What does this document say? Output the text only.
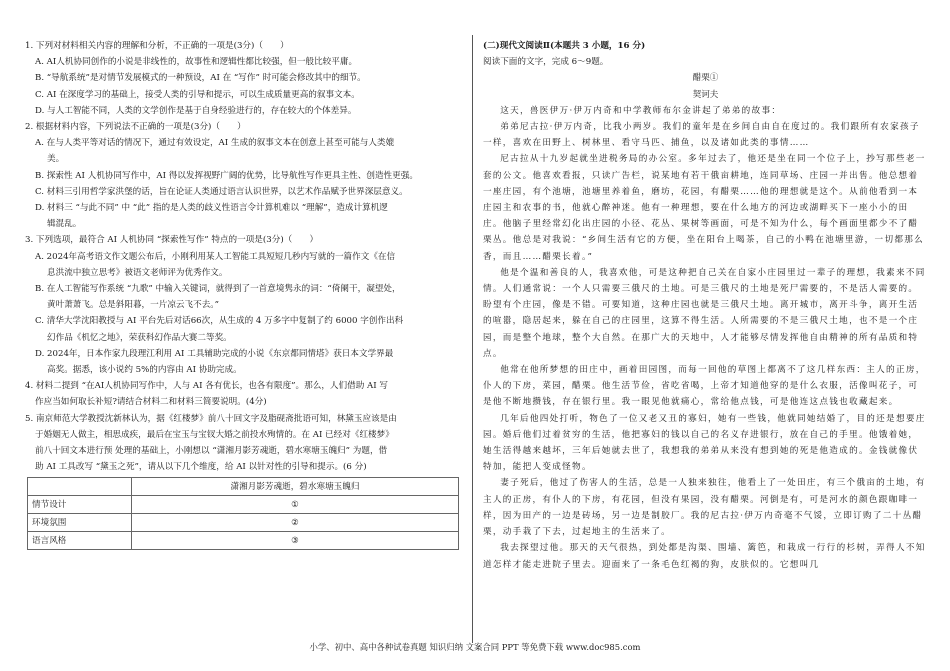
1. 下列对材料相关内容的理解和分析，不正确的一项是(3分)（　　）

A. AI人机协同创作的小说是非线性的，故事性和逻辑性都比较强，但一般比较平庸。

B. “导航系统”是对情节发展模式的一种预设，AI 在 “写作” 时可能会修改其中的细节。

C. AI 在深度学习的基础上，接受人类的引导和提示，可以生成质量更高的叙事文本。

D. 与人工智能不同，人类的文学创作是基于自身经验进行的，存在较大的个体差异。

2. 根据材料内容，下列说法不正确的一项是(3分)（　　）

A. 在与人类平等对话的情况下，通过有效设定，AI 生成的叙事文本在创意上甚至可能与人类媲

美。

B. 探索性 AI 人机协同写作中，AI 得以发挥视野广阔的优势，比导航性写作更具主性、创造性更强。

C. 材料三引用哲学家洪堡的话，旨在论证人类通过语言认识世界，以艺术作品赋予世界深层意义。

D. 材料三 “与此不同” 中 “此” 指的是人类的歧义性语言令计算机难以 “理解”，造成计算机逻

辑混乱。

3. 下列选项，最符合 AI 人机协同 “探索性写作” 特点的一项是(3分)（　　）

A. 2024年高考语文作文题公布后，小刚利用某人工智能工具短短几秒内写就的一篇作文《在信

息洪流中独立思考》被语文老师评为优秀作文。

B. 在人工智能写作系统 “九歌” 中输入关键词，就得到了一首意境隽永的词：“倚阑干，凝望处，

黄叶萧萧飞。总是斜阳暮，一片凉云飞不去。”

C. 清华大学沈阳教授与 AI 平台先后对话66次，从生成的 4 万多字中复制了约 6000 字创作出科

幻作品《机忆之地》，荣获科幻作品大赛二等奖。

D. 2024年，日本作家九段理江利用 AI 工具辅助完成的小说《东京都同情塔》获日本文学界最

高奖。据悉，该小说约 5%的内容由 AI 协助完成。

4. 材料二提到 “在AI人机协同写作中，人与 AI 各有优长，也各有限度”。那么，人们借助 AI 写

作应当如何取长补短?请结合材料二和材料三简要说明。(4分)

5. 南京师范大学教授沈新林认为，据《红楼梦》前八十回文字及脂砚斋批语可知，林黛玉应该是由

于婚姻无人做主，相思成疾，最后在宝玉与宝钗大婚之前投水殉情的。在 AI 已经对《红楼梦》

前八十回文本进行预 处理的基础上，小刚想以 “潇湘月影芳魂逝，碧水寒塘玉魄归” 为题，借

助 AI 工具改写 “黛玉之死”，请从以下几个维度，给 AI 以针对性的引导和提示。(6 分)

	潇湘月影芳魂逝，碧水寒塘玉魄归
情节设计	①
环境氛围	②
语言风格	③

(二)现代文阅读Ⅱ(本题共 3 小题，16 分)

阅读下面的文字，完成 6～9题。

醋栗①

契诃夫

这天，兽医伊万·伊万内奇和中学教师布尔金讲起了弟弟的故事：

弟弟尼古拉·伊万内奇，比我小两岁。我们的童年是在乡间自由自在度过的。我们跟所有农家孩子一样，喜欢在田野上、树林里、看守马匹、捕鱼，以及诸如此类的事情……

尼古拉从十九岁起就坐进税务局的办公室。多年过去了，他还是坐在同一个位子上，抄写那些老一套的公文。他喜欢看报，只读广告栏，说某地有若干俄亩耕地，连同草场、庄园一并出售。他总想着一座庄园，有个池塘，池塘里养着鱼，磨坊，花园，有醋栗……他的理想就是这个。从前他看到一本庄园主和农事的书，他就心醉神迷。他有一种理想，要在什么地方的河边或湖畔买下一座小小的田庄。他脑子里经常幻化出庄园的小径、花丛、果树等画面，可是不知为什么，每个画面里都少不了醋栗丛。他总是对我说：“乡间生活有它的方便，坐在阳台上喝茶，自己的小鸭在池塘里游，一切都那么香，而且……醋栗长着。”

他是个温和善良的人，我喜欢他，可是这种把自己关在自家小庄园里过一辈子的理想，我素来不同情。人们通常说：一个人只需要三俄尺的土地。可是三俄尺的土地是死尸需要的，不是活人需要的。盼望有个庄园，像是不错。可要知道，这种庄园也就是三俄尺土地。离开城市，离开斗争，离开生活的喧嚣，隐居起来，躲在自己的庄园里，这算不得生活。人所需要的不是三俄尺土地，也不是一个庄园，而是整个地球，整个大自然。在那广大的天地中，人才能够尽情发挥他自由精神的所有品质和特点。

他常在他所梦想的田庄中，画着田园图，而每一回他的草图上都离不了这几样东西：主人的正房，仆人的下房，菜园，醋栗。他生活节俭，省吃省喝，上帝才知道他穿的是什么衣服，活像叫花子，可是他不断地攒钱，存在银行里。我一眼见他就痛心，常给他点钱，可是他连这点钱也收藏起来。

几年后他四处打听，物色了一位又老又丑的寡妇，她有一些钱，他就同她结婚了，目的还是想要庄园。婚后他们过着贫穷的生活，他把寡妇的钱以自己的名义存进银行，放在自己的手里。他饿着她，她生活得越来越坏，三年后她就去世了，我想我的弟弟从来没有想到她的死是他造成的。金钱就像伏特加，能把人变成怪物。

妻子死后，他过了伤害人的生活，总是一人独来独往，他看上了一处田庄，有三个俄亩的土地，有主人的正房，有仆人的下房，有花园，但没有果园，没有醋栗。河倒是有，可是河水的颜色跟咖啡一样，因为田产的一边是砖场，另一边是制胶厂。我的尼古拉·伊万内奇毫不气馁，立即订购了二十丛醋栗，动手栽了下去，过起地主的生活来了。

我去探望过他。那天的天气很热，到处都是沟渠、围墙、篱笆，和栽成一行行的杉树，弄得人不知道怎样才能走进院子里去。迎面来了一条毛色红褐的狗，皮肤似的。它想叫几

小学、初中、高中各种试卷真题 知识归纳 文案合同 PPT 等免费下载 www.doc985.com
